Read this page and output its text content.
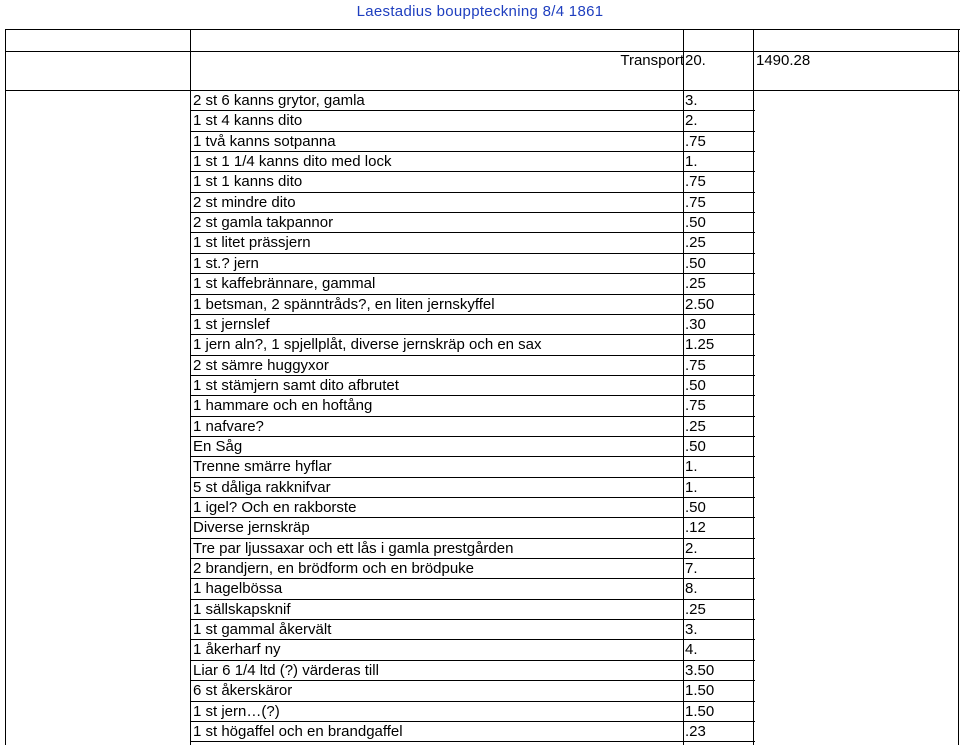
Laestadius bouppteckning 8/4 1861
Transport 20.	1490.28
2 st 6 kanns grytor, gamla	3.
1 st 4 kanns dito	2.
1 två kanns sotpanna	.75
1 st 1 1/4 kanns dito med lock	1.
1 st 1 kanns dito	.75
2 st mindre dito	.75
2 st gamla takpannor	.50
1 st litet prässjern	.25
1 st.? jern	.50
1 st kaffebrännare, gammal	.25
1 betsman, 2 spänntråds?, en liten jernskyffel	2.50
1 st jernslef	.30
1 jern aln?, 1 spjellplåt, diverse jernskräp och en sax	1.25
2 st sämre huggyxor	.75
1 st stämjern samt dito afbrutet	.50
1 hammare och en hoftång	.75
1 nafvare?	.25
En Såg	.50
Trenne smärre hyflar	1.
5 st dåliga rakknifvar	1.
1 igel? Och en rakborste	.50
Diverse jernskräp	.12
Tre par ljussaxar och ett lås i gamla prestgården	2.
2 brandjern, en brödform och en brödpuke	7.
1 hagelbössa	8.
1 sällskapsknif	.25
1 st gammal åkervält	3.
1 åkerharf ny	4.
Liar 6 1/4 ltd (?) värderas till	3.50
6 st åkerskäror	1.50
1 st jern…(?)	1.50
1 st högaffel och en brandgaffel	.23
